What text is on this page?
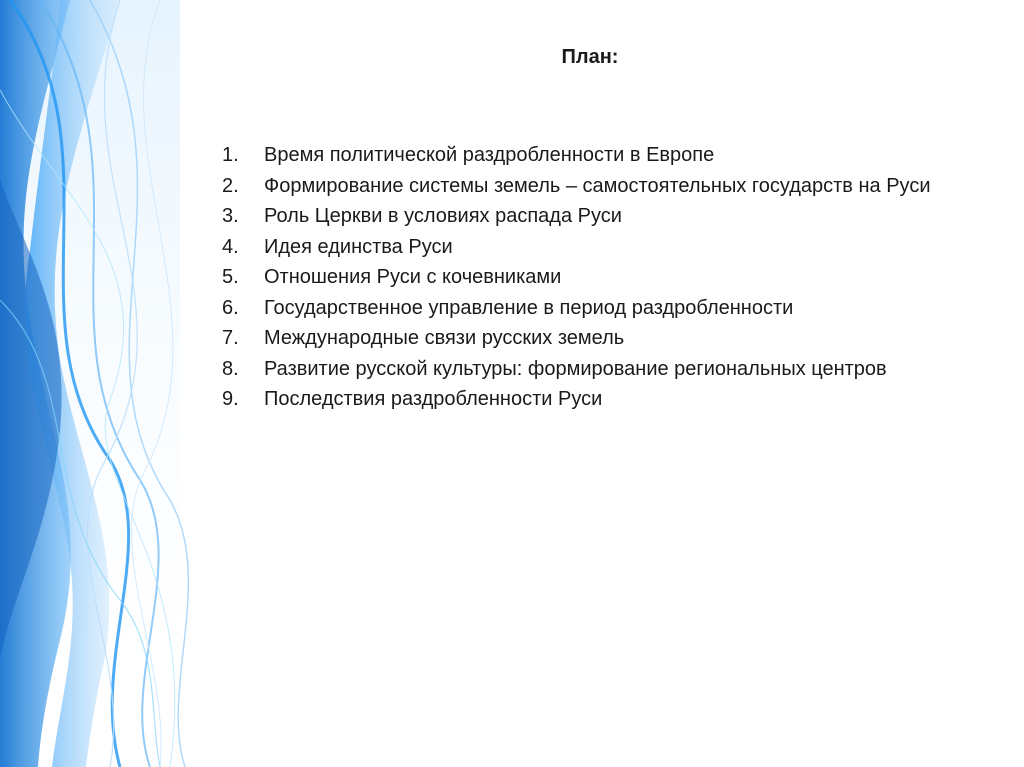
План:
1.	Время политической раздробленности в Европе
2.	Формирование системы земель – самостоятельных государств на Руси
3.	Роль Церкви в условиях распада Руси
4.	Идея единства Руси
5.	Отношения Руси с кочевниками
6.	Государственное управление в период раздробленности
7.	Международные связи русских земель
8.	Развитие русской культуры: формирование региональных центров
9.	Последствия раздробленности Руси
